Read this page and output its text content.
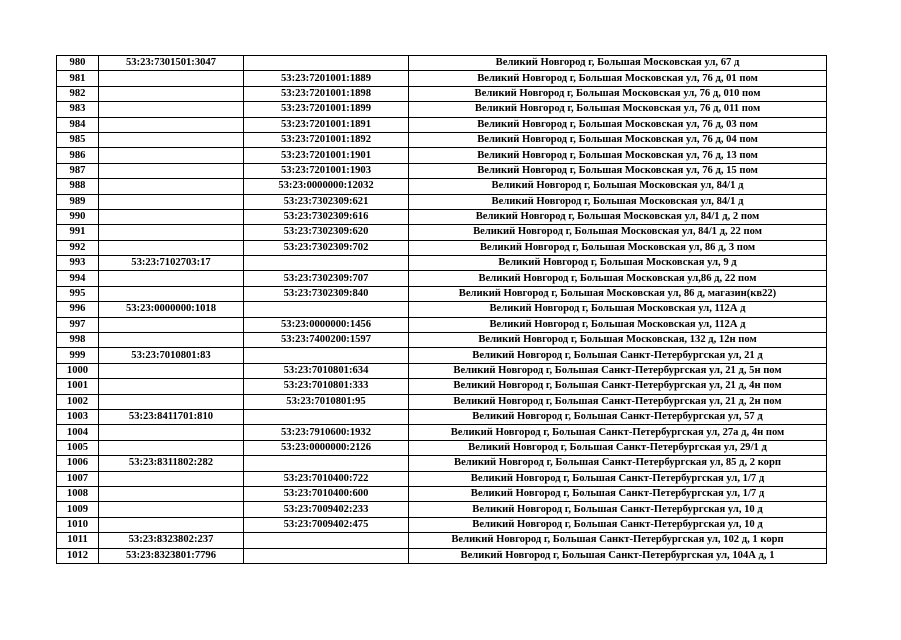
980	53:23:7301501:3047		Великий Новгород г, Большая Московская ул, 67 д
981		53:23:7201001:1889	Великий Новгород г, Большая Московская ул, 76 д, 01 пом
982		53:23:7201001:1898	Великий Новгород г, Большая Московская ул, 76 д, 010 пом
983		53:23:7201001:1899	Великий Новгород г, Большая Московская ул, 76 д, 011 пом
984		53:23:7201001:1891	Великий Новгород г, Большая Московская ул, 76 д, 03 пом
985		53:23:7201001:1892	Великий Новгород г, Большая Московская ул, 76 д, 04 пом
986		53:23:7201001:1901	Великий Новгород г, Большая Московская ул, 76 д, 13 пом
987		53:23:7201001:1903	Великий Новгород г, Большая Московская ул, 76 д, 15 пом
988		53:23:0000000:12032	Великий Новгород г, Большая Московская ул, 84/1 д
989		53:23:7302309:621	Великий Новгород г, Большая Московская ул, 84/1 д
990		53:23:7302309:616	Великий Новгород г, Большая Московская ул, 84/1 д, 2 пом
991		53:23:7302309:620	Великий Новгород г, Большая Московская ул, 84/1 д, 22 пом
992		53:23:7302309:702	Великий Новгород г, Большая Московская ул, 86 д, 3 пом
993	53:23:7102703:17		Великий Новгород г, Большая Московская ул, 9 д
994		53:23:7302309:707	Великий Новгород г, Большая Московская ул,86 д, 22 пом
995		53:23:7302309:840	Великий Новгород г, Большая Московская ул, 86 д, магазин(кв22)
996	53:23:0000000:1018		Великий Новгород г, Большая Московская ул, 112А д
997		53:23:0000000:1456	Великий Новгород г, Большая Московская ул, 112А д
998		53:23:7400200:1597	Великий Новгород г, Большая Московская, 132 д, 12н пом
999	53:23:7010801:83		Великий Новгород г, Большая Санкт-Петербургская ул, 21 д
1000		53:23:7010801:634	Великий Новгород г, Большая Санкт-Петербургская ул, 21 д, 5н пом
1001		53:23:7010801:333	Великий Новгород г, Большая Санкт-Петербургская ул, 21 д, 4н пом
1002		53:23:7010801:95	Великий Новгород г, Большая Санкт-Петербургская ул, 21 д, 2н пом
1003	53:23:8411701:810		Великий Новгород г, Большая Санкт-Петербургская ул, 57 д
1004		53:23:7910600:1932	Великий Новгород г, Большая Санкт-Петербургская ул, 27а д, 4н пом
1005		53:23:0000000:2126	Великий Новгород г, Большая Санкт-Петербургская ул, 29/1 д
1006	53:23:8311802:282		Великий Новгород г, Большая Санкт-Петербургская ул, 85 д, 2 корп
1007		53:23:7010400:722	Великий Новгород г, Большая Санкт-Петербургская ул, 1/7 д
1008		53:23:7010400:600	Великий Новгород г, Большая Санкт-Петербургская ул, 1/7 д
1009		53:23:7009402:233	Великий Новгород г, Большая Санкт-Петербургская ул, 10 д
1010		53:23:7009402:475	Великий Новгород г, Большая Санкт-Петербургская ул, 10 д
1011	53:23:8323802:237		Великий Новгород г, Большая Санкт-Петербургская ул, 102 д, 1 корп
1012	53:23:8323801:7796		Великий Новгород г, Большая Санкт-Петербургская ул, 104А д, 1
